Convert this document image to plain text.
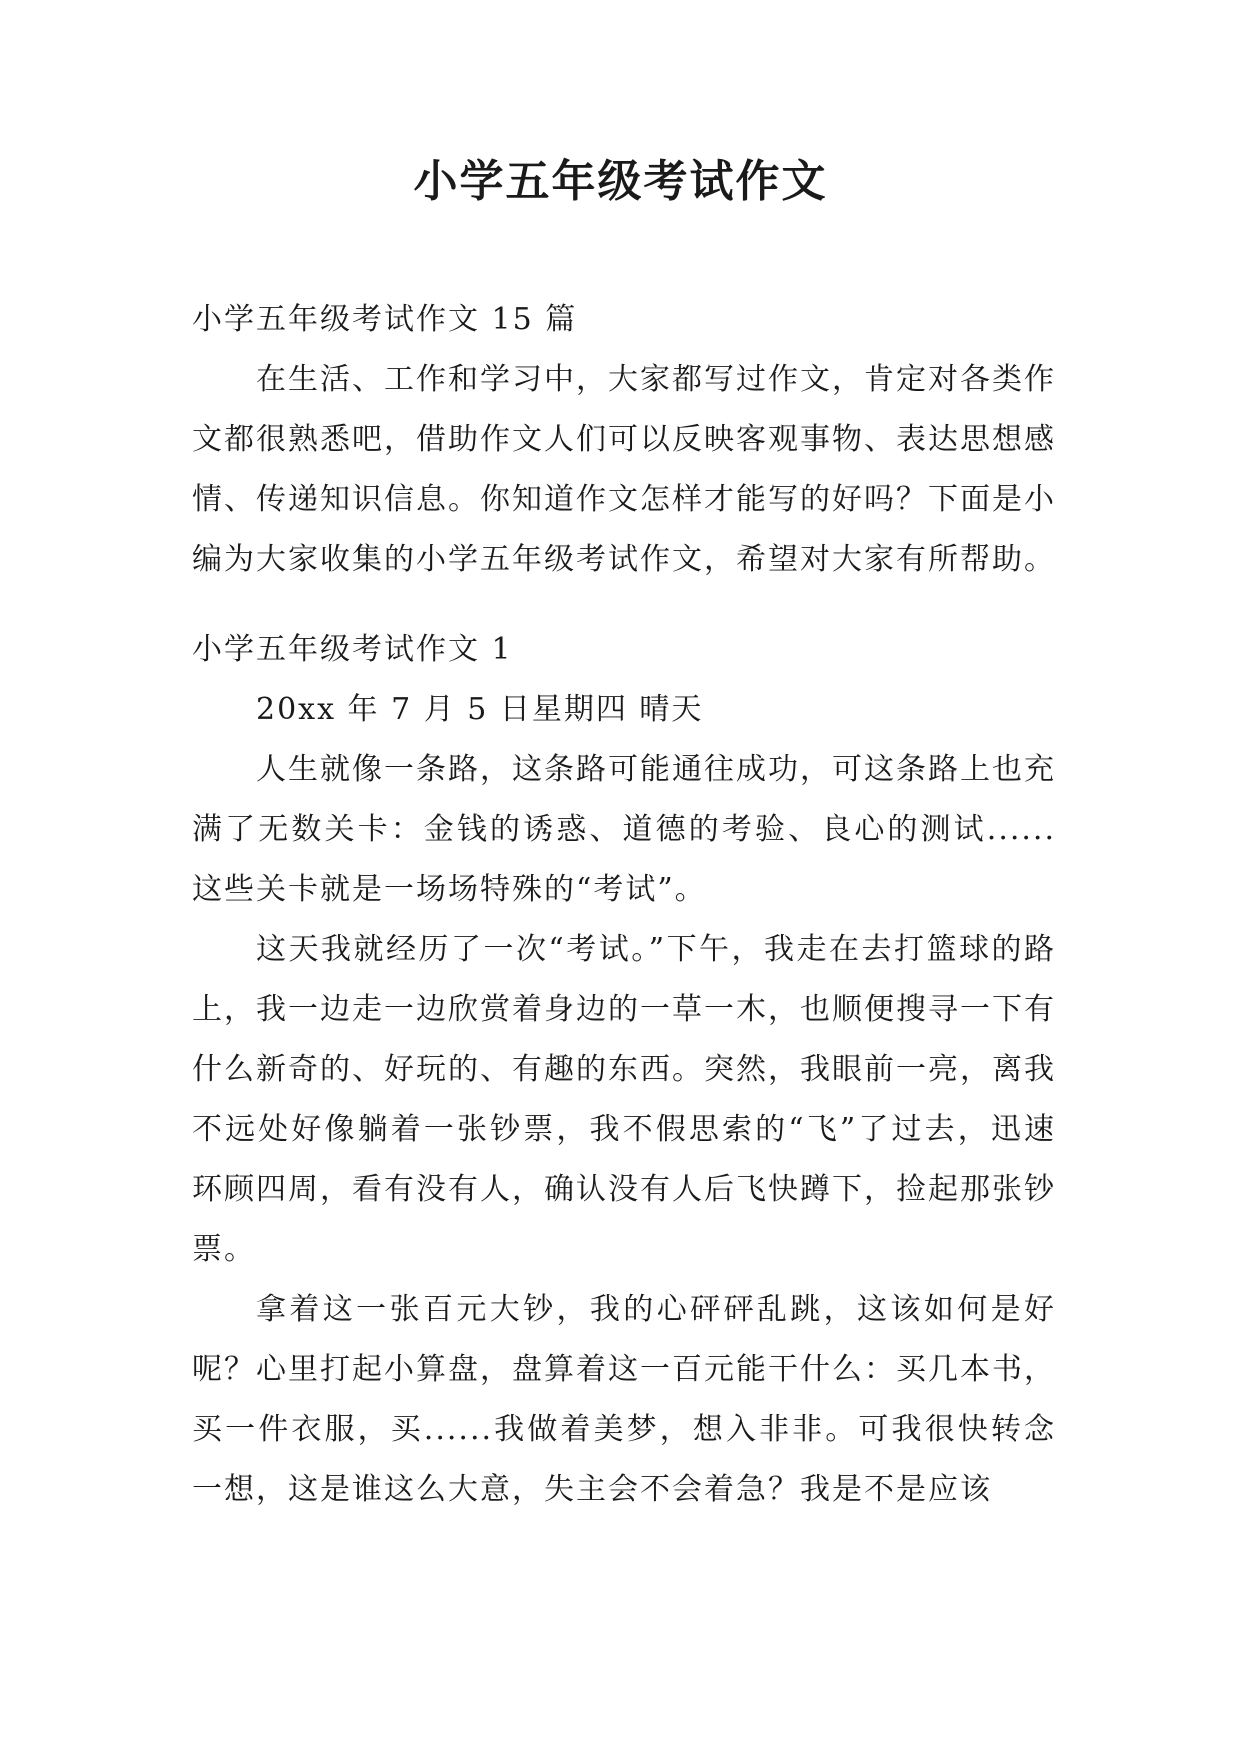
小学五年级考试作文

小学五年级考试作文 15 篇

在生活、工作和学习中，大家都写过作文，肯定对各类作文都很熟悉吧，借助作文人们可以反映客观事物、表达思想感情、传递知识信息。你知道作文怎样才能写的好吗？下面是小编为大家收集的小学五年级考试作文，希望对大家有所帮助。

小学五年级考试作文 1

20xx 年 7 月 5 日星期四 晴天

人生就像一条路，这条路可能通往成功，可这条路上也充满了无数关卡：金钱的诱惑、道德的考验、良心的测试......这些关卡就是一场场特殊的“考试”。

这天我就经历了一次“考试。”下午，我走在去打篮球的路上，我一边走一边欣赏着身边的一草一木，也顺便搜寻一下有什么新奇的、好玩的、有趣的东西。突然，我眼前一亮，离我不远处好像躺着一张钞票，我不假思索的“飞”了过去，迅速环顾四周，看有没有人，确认没有人后飞快蹲下，捡起那张钞票。

拿着这一张百元大钞，我的心砰砰乱跳，这该如何是好呢？心里打起小算盘，盘算着这一百元能干什么：买几本书，买一件衣服，买......我做着美梦，想入非非。可我很快转念一想，这是谁这么大意，失主会不会着急？我是不是应该
